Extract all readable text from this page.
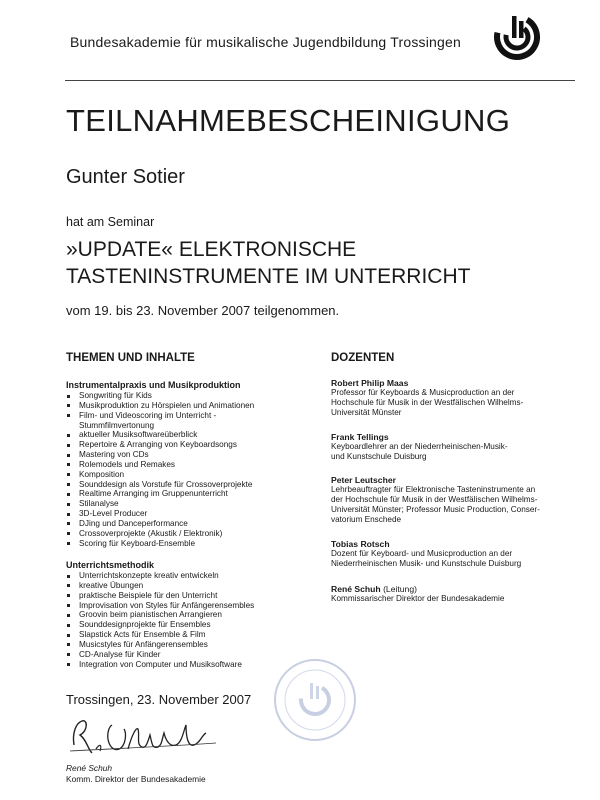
Bundesakademie für musikalische Jugendbildung Trossingen
TEILNAHMEBESCHEINIGUNG
Gunter Sotier
hat am Seminar
»UPDATE« ELEKTRONISCHE
TASTENINSTRUMENTE IM UNTERRICHT
vom 19. bis 23. November 2007 teilgenommen.
THEMEN UND INHALTE
Instrumentalpraxis und Musikproduktion
Songwriting für Kids
Musikproduktion zu Hörspielen und Animationen
Film- und Videoscoring im Unterricht -
Stummfilmvertonung
aktueller Musiksoftwareüberblick
Repertoire & Arranging von Keyboardsongs
Mastering von CDs
Rolemodels und Remakes
Komposition
Sounddesign als Vorstufe für Crossoverprojekte
Realtime Arranging im Gruppenunterricht
Stilanalyse
3D-Level Producer
DJing und Danceperformance
Crossoverprojekte (Akustik / Elektronik)
Scoring für Keyboard-Ensemble
Unterrichtsmethodik
Unterrichtskonzepte kreativ entwickeln
kreative Übungen
praktische Beispiele für den Unterricht
Improvisation von Styles für Anfängerensembles
Groovin beim pianistischen Arrangieren
Sounddesignprojekte für Ensembles
Slapstick Acts für Ensemble & Film
Musicstyles für Anfängerensembles
CD-Analyse für Kinder
Integration von Computer und Musiksoftware
DOZENTEN
Robert Philip Maas
Professor für Keyboards & Musicproduction an der
Hochschule für Musik in der Westfälischen Wilhelms-
Universität Münster
Frank Tellings
Keyboardlehrer an der Niederrheinischen-Musik-
und Kunstschule Duisburg
Peter Leutscher
Lehrbeauftragter für Elektronische Tasteninstrumente an
der Hochschule für Musik in der Westfälischen Wilhelms-
Universität Münster; Professor Music Production, Conser-
vatorium Enschede
Tobias Rotsch
Dozent für Keyboard- und Musicproduction an der
Niederrheinischen Musik- und Kunstschule Duisburg
René Schuh (Leitung)
Kommissarischer Direktor der Bundesakademie
Trossingen, 23. November 2007
René Schuh
Komm. Direktor der Bundesakademie
